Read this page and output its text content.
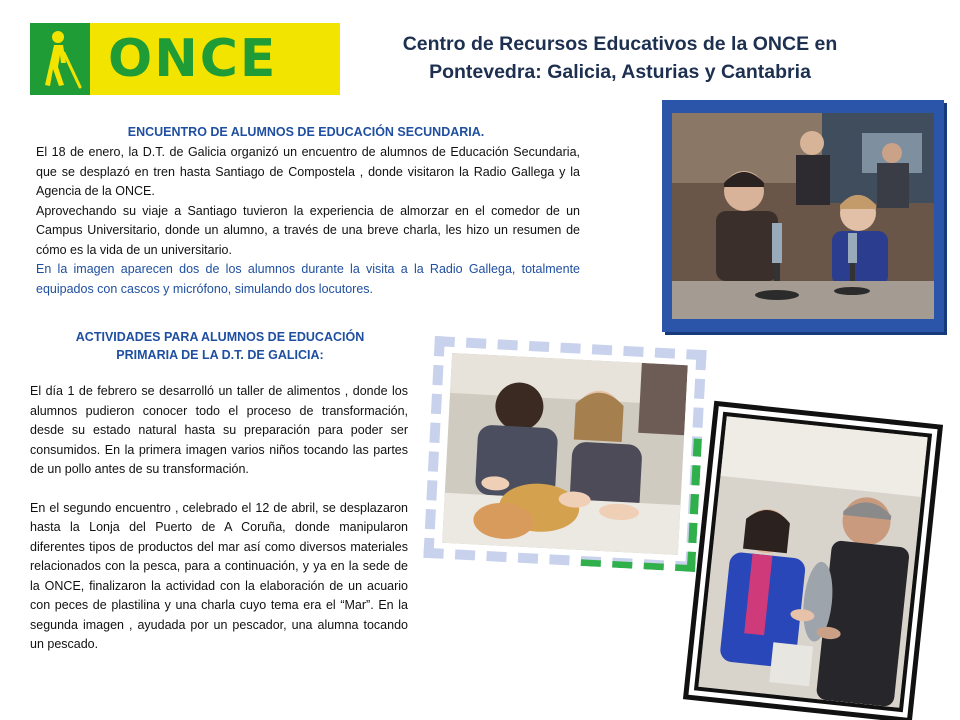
ONCE	Centro de Recursos Educativos de la ONCE en
Pontevedra: Galicia, Asturias y Cantabria
ENCUENTRO DE ALUMNOS DE EDUCACIÓN SECUNDARIA.

El 18 de enero, la D.T. de Galicia organizó un encuentro de alumnos de Educación Secundaria, que se desplazó en tren hasta Santiago de Compostela , donde visitaron la Radio Gallega y la Agencia de la ONCE.

Aprovechando su viaje a Santiago tuvieron la experiencia de almorzar en el comedor de un Campus Universitario, donde un alumno, a través de una breve charla, les hizo un resumen de cómo es la vida de un universitario.

En la imagen aparecen dos de los alumnos durante la visita a la Radio Gallega, totalmente equipados con cascos y micrófono, simulando dos locutores.

ACTIVIDADES PARA ALUMNOS DE EDUCACIÓN
PRIMARIA DE LA D.T. DE GALICIA:

El día 1 de febrero se desarrolló un taller de alimentos , donde los alumnos pudieron conocer todo el proceso de transformación, desde su estado natural hasta su preparación para poder ser consumidos. En la primera imagen varios niños tocando las partes de un pollo antes de su transformación.

En el segundo encuentro , celebrado el 12 de abril, se desplazaron hasta la Lonja del Puerto de A Coruña, donde manipularon diferentes tipos de productos del mar así como diversos materiales relacionados con la pesca, para a continuación, y ya en la sede de la ONCE, finalizaron la actividad con la elaboración de un acuario con peces de plastilina y una charla cuyo tema era el “Mar”. En la segunda imagen , ayudada por un pescador, una alumna tocando un pescado.
